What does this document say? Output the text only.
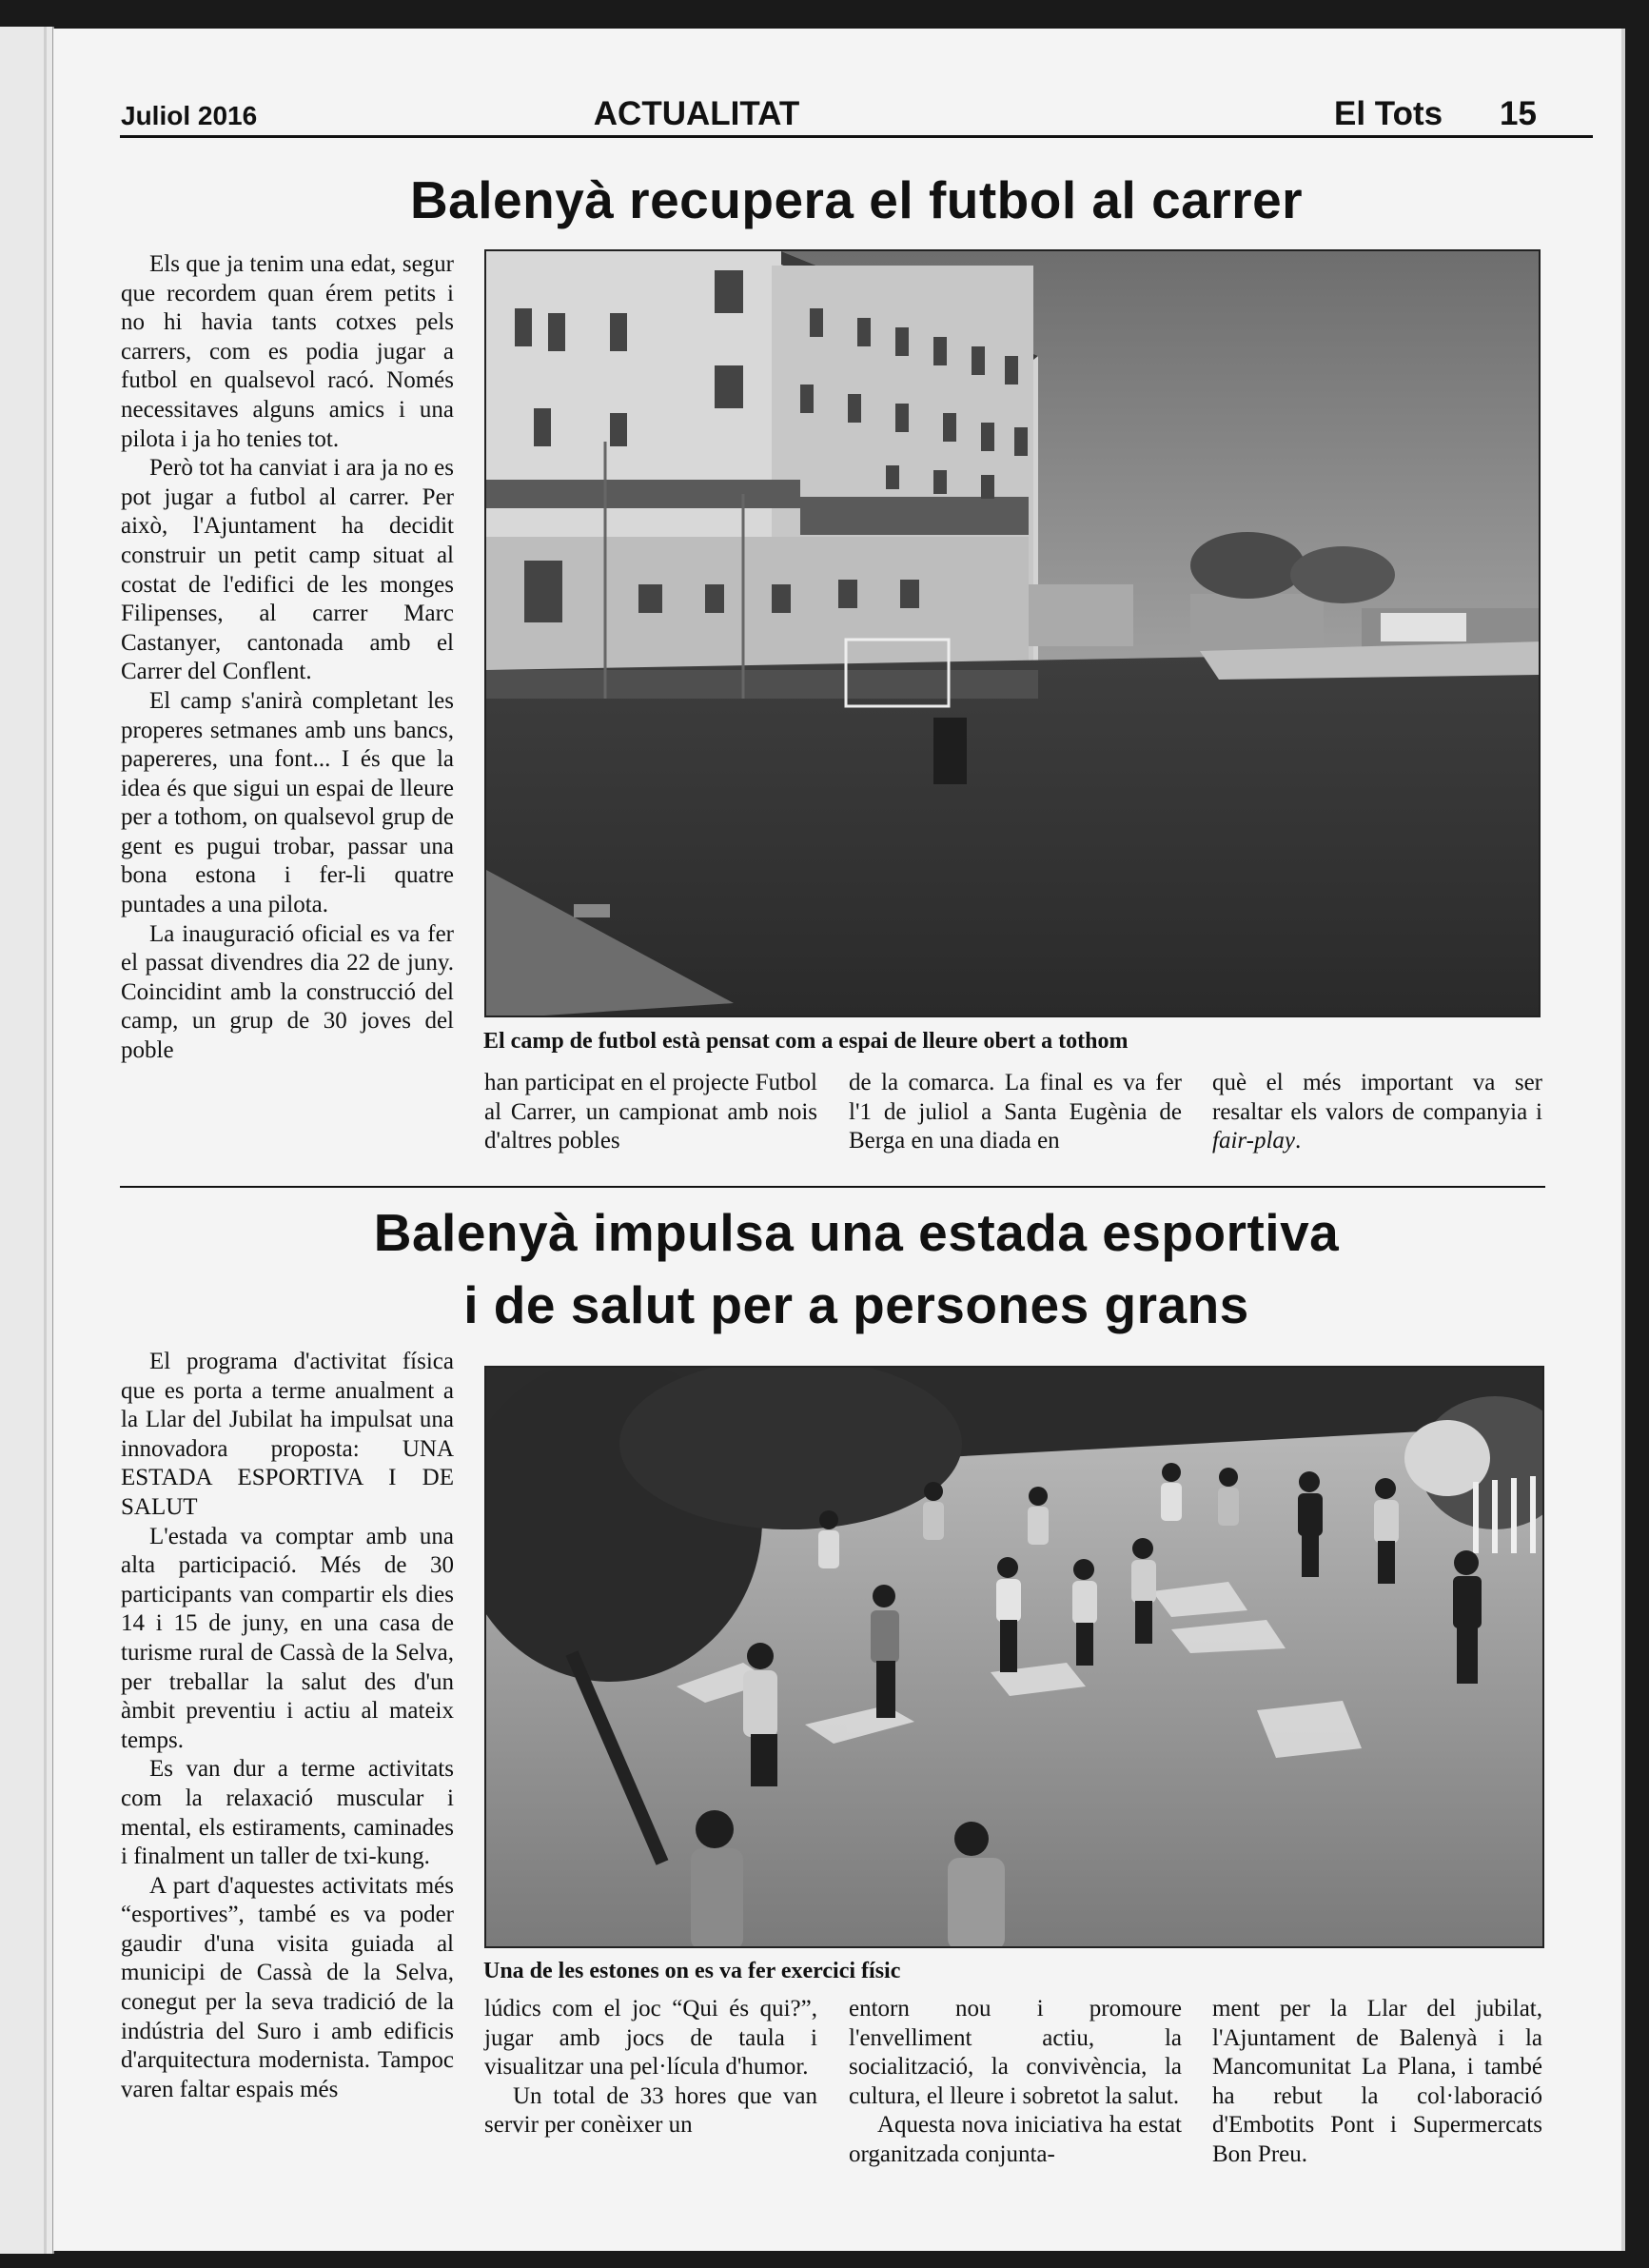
Juliol 2016	ACTUALITAT	El Tots 15
Balenyà recupera el futbol al carrer

Els que ja tenim una edat, segur que recordem quan érem petits i no hi havia tants cotxes pels carrers, com es podia jugar a futbol en qualsevol racó. Només necessitaves alguns amics i una pilota i ja ho tenies tot.

Però tot ha canviat i ara ja no es pot jugar a futbol al carrer. Per això, l'Ajuntament ha decidit construir un petit camp situat al costat de l'edifici de les monges Filipenses, al carrer Marc Castanyer, cantonada amb el Carrer del Conflent.

El camp s'anirà completant les properes setmanes amb uns bancs, papereres, una font... I és que la idea és que sigui un espai de lleure per a tothom, on qualsevol grup de gent es pugui trobar, passar una bona estona i fer-li quatre puntades a una pilota.

La inauguració oficial es va fer el passat divendres dia 22 de juny. Coincidint amb la construcció del camp, un grup de 30 joves del poble	El camp de futbol està pensat com a espai de lleure obert a tothom

han participat en el projecte Futbol al Carrer, un campionat amb nois d'altres pobles

de la comarca. La final es va fer l'1 de juliol a Santa Eugènia de Berga en una diada en

què el més important va ser resaltar els valors de companyia i fair-play.

Balenyà impulsa una estada esportiva
i de salut per a persones grans

El programa d'activitat física que es porta a terme anualment a la Llar del Jubilat ha impulsat una innovadora proposta: UNA ESTADA ESPORTIVA I DE SALUT

L'estada va comptar amb una alta participació. Més de 30 participants van compartir els dies 14 i 15 de juny, en una casa de turisme rural de Cassà de la Selva, per treballar la salut des d'un àmbit preventiu i actiu al mateix temps.

Es van dur a terme activitats com la relaxació muscular i mental, els estiraments, caminades i finalment un taller de txi-kung.

A part d'aquestes activitats més “esportives”, també es va poder gaudir d'una visita guiada al municipi de Cassà de la Selva, conegut per la seva tradició de la indústria del Suro i amb edificis d'arquitectura modernista. Tampoc varen faltar espais més

Una de les estones on es va fer exercici físic

lúdics com el joc “Qui és qui?”, jugar amb jocs de taula i visualitzar una pel·lícula d'humor.

Un total de 33 hores que van servir per conèixer un

entorn nou i promoure l'envelliment actiu, la socialització, la convivència, la cultura, el lleure i sobretot la salut.

Aquesta nova iniciativa ha estat organitzada conjunta-

ment per la Llar del jubilat, l'Ajuntament de Balenyà i la Mancomunitat La Plana, i també ha rebut la col·laboració d'Embotits Pont i Supermercats Bon Preu.
